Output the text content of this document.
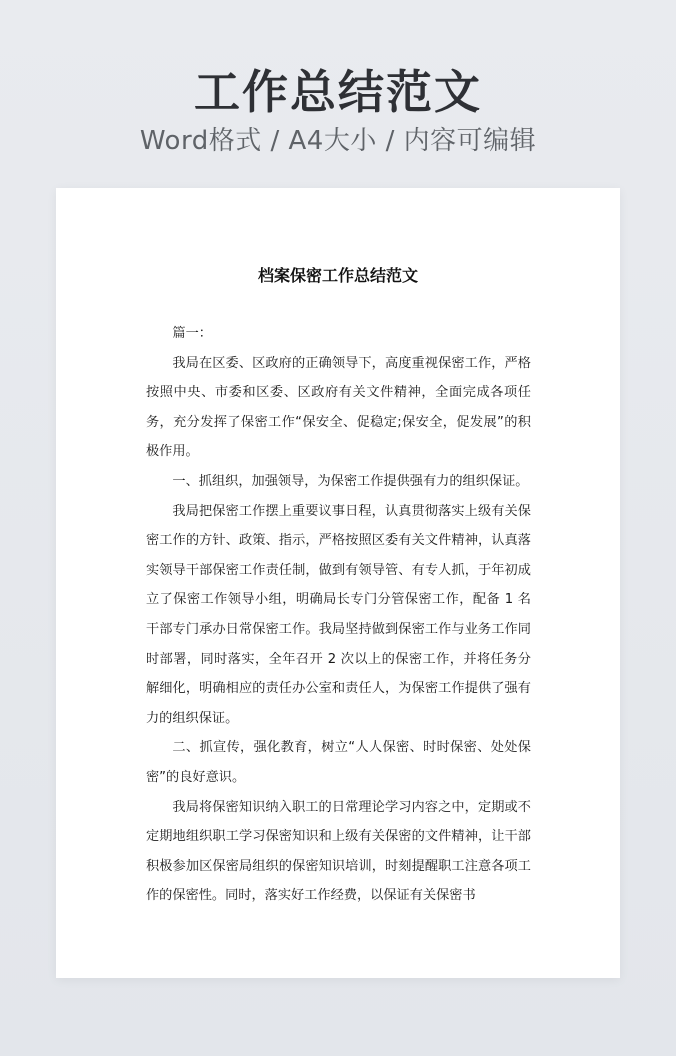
工作总结范文
Word格式 / A4大小 / 内容可编辑
档案保密工作总结范文

篇一：

我局在区委、区政府的正确领导下，高度重视保密工作，严格按照中央、市委和区委、区政府有关文件精神，全面完成各项任务，充分发挥了保密工作“保安全、促稳定;保安全，促发展”的积极作用。

一、抓组织，加强领导，为保密工作提供强有力的组织保证。

我局把保密工作摆上重要议事日程，认真贯彻落实上级有关保密工作的方针、政策、指示，严格按照区委有关文件精神，认真落实领导干部保密工作责任制，做到有领导管、有专人抓，于年初成立了保密工作领导小组，明确局长专门分管保密工作，配备 1 名干部专门承办日常保密工作。我局坚持做到保密工作与业务工作同时部署，同时落实，全年召开 2 次以上的保密工作，并将任务分解细化，明确相应的责任办公室和责任人，为保密工作提供了强有力的组织保证。

二、抓宣传，强化教育，树立“人人保密、时时保密、处处保密”的良好意识。

我局将保密知识纳入职工的日常理论学习内容之中，定期或不定期地组织职工学习保密知识和上级有关保密的文件精神，让干部积极参加区保密局组织的保密知识培训，时刻提醒职工注意各项工作的保密性。同时，落实好工作经费，以保证有关保密书
